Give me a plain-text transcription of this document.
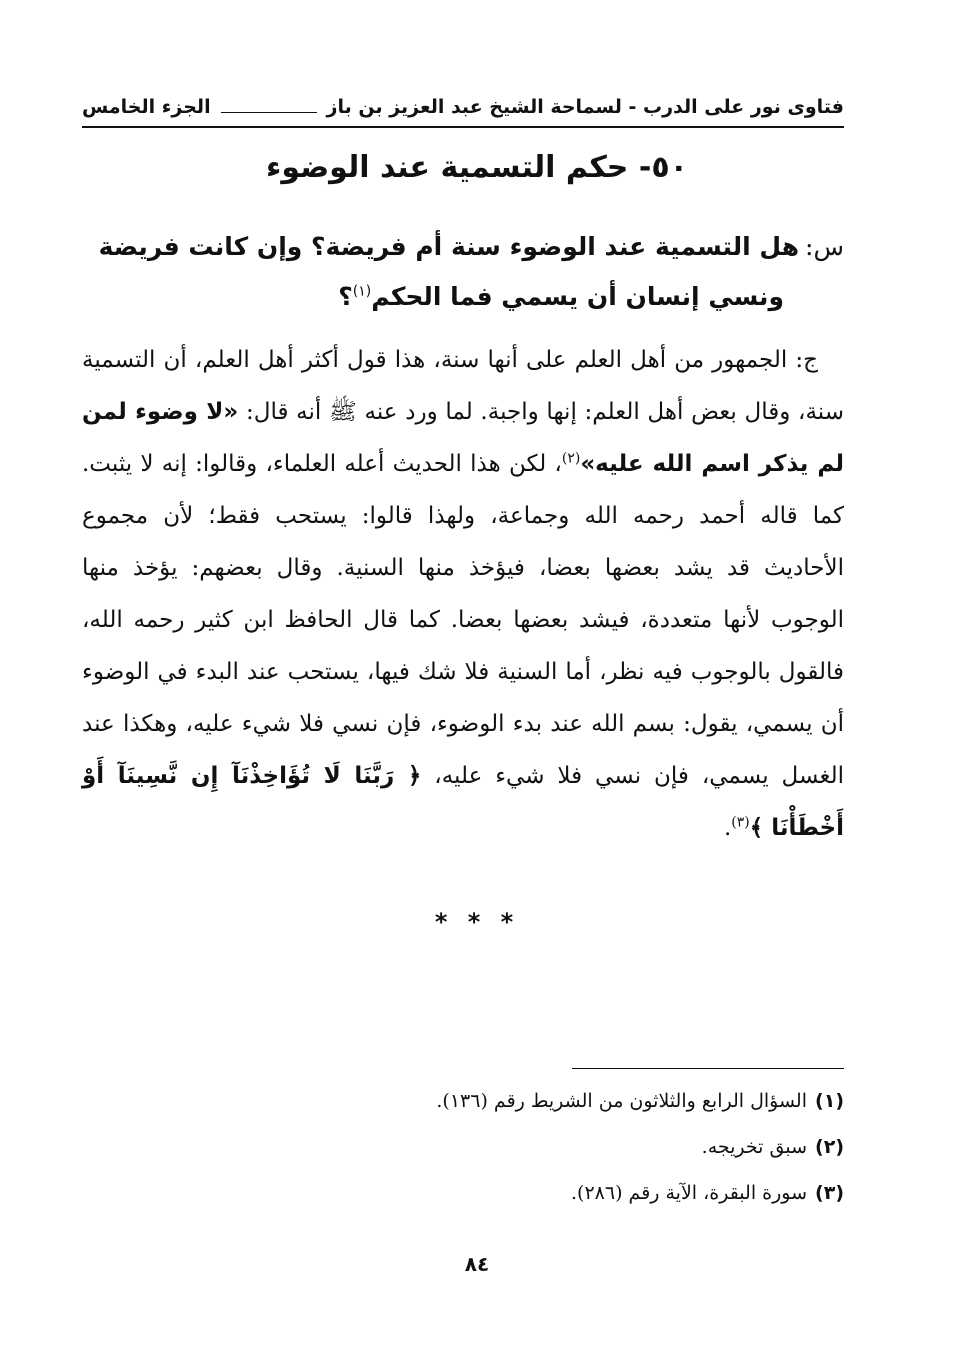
فتاوى نور على الدرب - لسماحة الشيخ عبد العزيز بن باز
الجزء الخامس
٥٠- حكم التسمية عند الوضوء
س:هل التسمية عند الوضوء سنة أم فريضة؟ وإن كانت فريضة
ونسي إنسان أن يسمي فما الحكم$^{(١)}$؟
ج: الجمهور من أهل العلم على أنها سنة، هذا قول أكثر أهل العلم، أن التسمية سنة، وقال بعض أهل العلم: إنها واجبة. لما ورد عنه ﷺ أنه قال: «لا وضوء لمن لم يذكر اسم الله عليه»$^{(٢)}$، لكن هذا الحديث أعله العلماء، وقالوا: إنه لا يثبت. كما قاله أحمد رحمه الله وجماعة، ولهذا قالوا: يستحب فقط؛ لأن مجموع الأحاديث قد يشد بعضها بعضا، فيؤخذ منها السنية. وقال بعضهم: يؤخذ منها الوجوب لأنها متعددة، فيشد بعضها بعضا. كما قال الحافظ ابن كثير رحمه الله، فالقول بالوجوب فيه نظر، أما السنية فلا شك فيها، يستحب عند البدء في الوضوء أن يسمي، يقول: بسم الله عند بدء الوضوء، فإن نسي فلا شيء عليه، وهكذا عند الغسل يسمي، فإن نسي فلا شيء عليه، ﴿ رَبَّنَا لَا تُؤَاخِذْنَآ إِن نَّسِينَآ أَوْ أَخْطَأْنَا ﴾$^{(٣)}$.
* * *
(١)السؤال الرابع والثلاثون من الشريط رقم (١٣٦).
(٢)سبق تخريجه.
(٣)سورة البقرة، الآية رقم (٢٨٦).
٨٤
